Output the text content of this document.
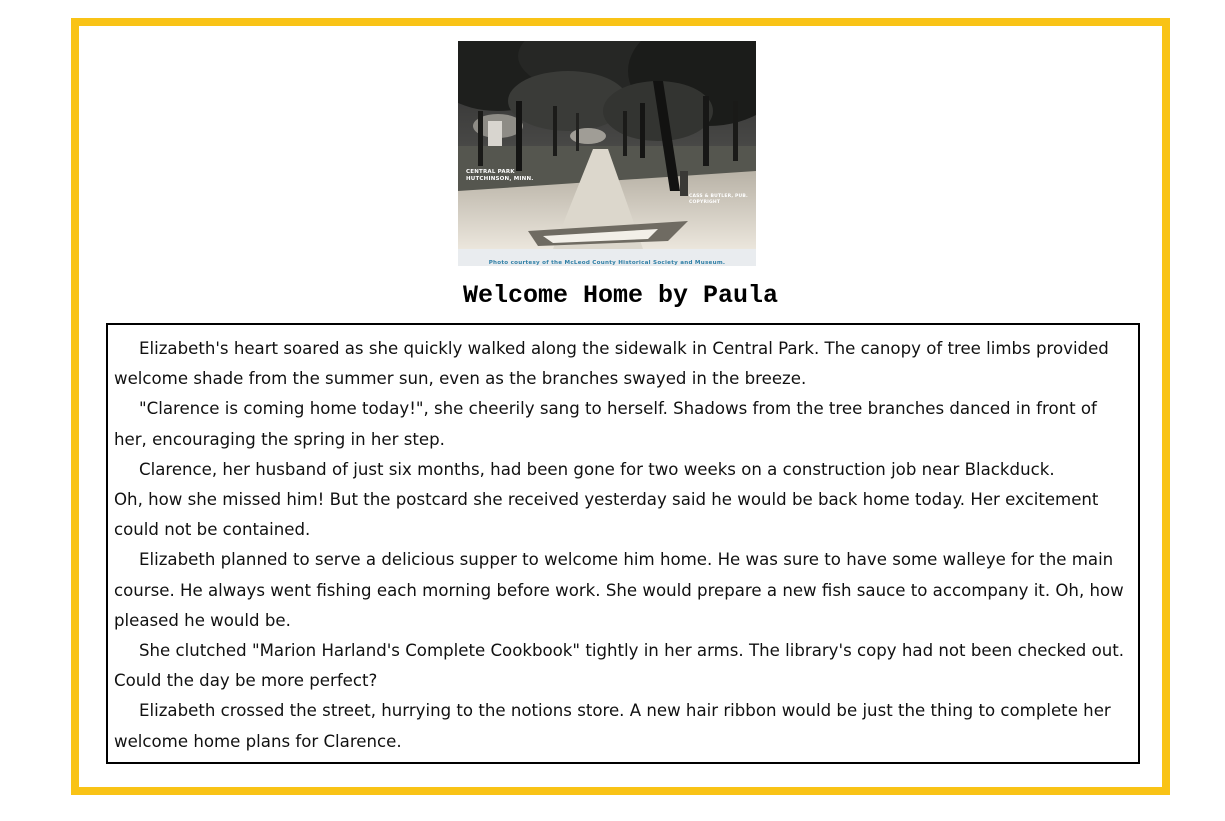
CENTRAL PARK
HUTCHINSON, MINN.
CASS & BUTLER, PUB.
COPYRIGHT
Photo courtesy of the McLeod County Historical Society and Museum.
Welcome Home by Paula

Elizabeth's heart soared as she quickly walked along the sidewalk in Central Park. The canopy of tree limbs provided welcome shade from the summer sun, even as the branches swayed in the breeze.

"Clarence is coming home today!", she cheerily sang to herself. Shadows from the tree branches danced in front of her, encouraging the spring in her step.

Clarence, her husband of just six months, had been gone for two weeks on a construction job near Blackduck.

Oh, how she missed him! But the postcard she received yesterday said he would be back home today. Her excitement could not be contained.

Elizabeth planned to serve a delicious supper to welcome him home. He was sure to have some walleye for the main course. He always went fishing each morning before work. She would prepare a new fish sauce to accompany it. Oh, how pleased he would be.

She clutched "Marion Harland's Complete Cookbook" tightly in her arms. The library's copy had not been checked out. Could the day be more perfect?

Elizabeth crossed the street, hurrying to the notions store. A new hair ribbon would be just the thing to complete her welcome home plans for Clarence.
